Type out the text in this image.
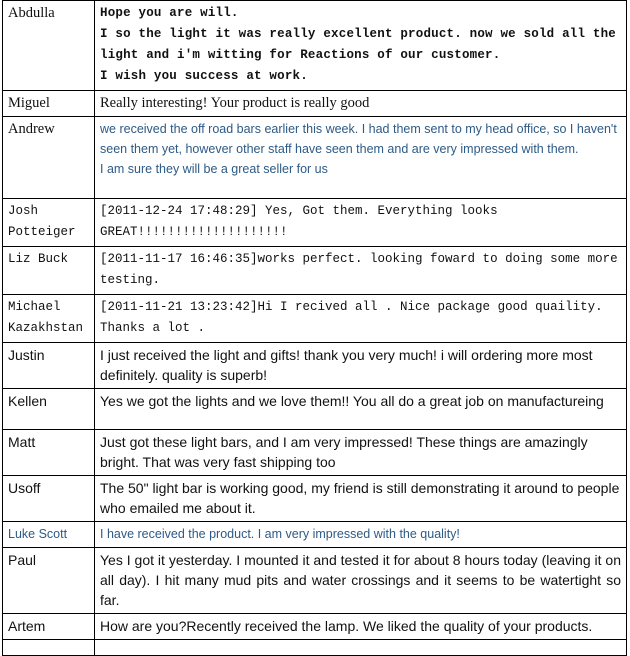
Abdulla	Hope you are will.
I so the light it was really excellent product. now we sold all the light and i'm witting for Reactions of our customer.
I wish you success at work.

Miguel	Really interesting! Your product is really good
Andrew	we received the off road bars earlier this week. I had them sent to my head office, so I haven't seen them yet, however other staff have seen them and are very impressed with them.
I am sure they will be a great seller for us

Josh Potteiger	[2011-12-24 17:48:29] Yes, Got them. Everything looks GREAT!!!!!!!!!!!!!!!!!!!!
Liz Buck	[2011-11-17 16:46:35]works perfect. looking foward to doing some more testing.
Michael Kazakhstan	[2011-11-21 13:23:42]Hi I recived all . Nice package good quaility. Thanks a lot .
Justin	I just received the light and gifts! thank you very much! i will ordering more most definitely. quality is superb!
Kellen	Yes we got the lights and we love them!! You all do a great job on manufactureing
Matt	Just got these light bars, and I am very impressed! These things are amazingly bright. That was very fast shipping too
Usoff	The 50" light bar is working good, my friend is still demonstrating it around to people who emailed me about it.
Luke Scott	I have received the product. I am very impressed with the quality!
Paul	Yes I got it yesterday. I mounted it and tested it for about 8 hours today (leaving it on all day). I hit many mud pits and water crossings and it seems to be watertight so far.
Artem	How are you?Recently received the lamp. We liked the quality of your products.
